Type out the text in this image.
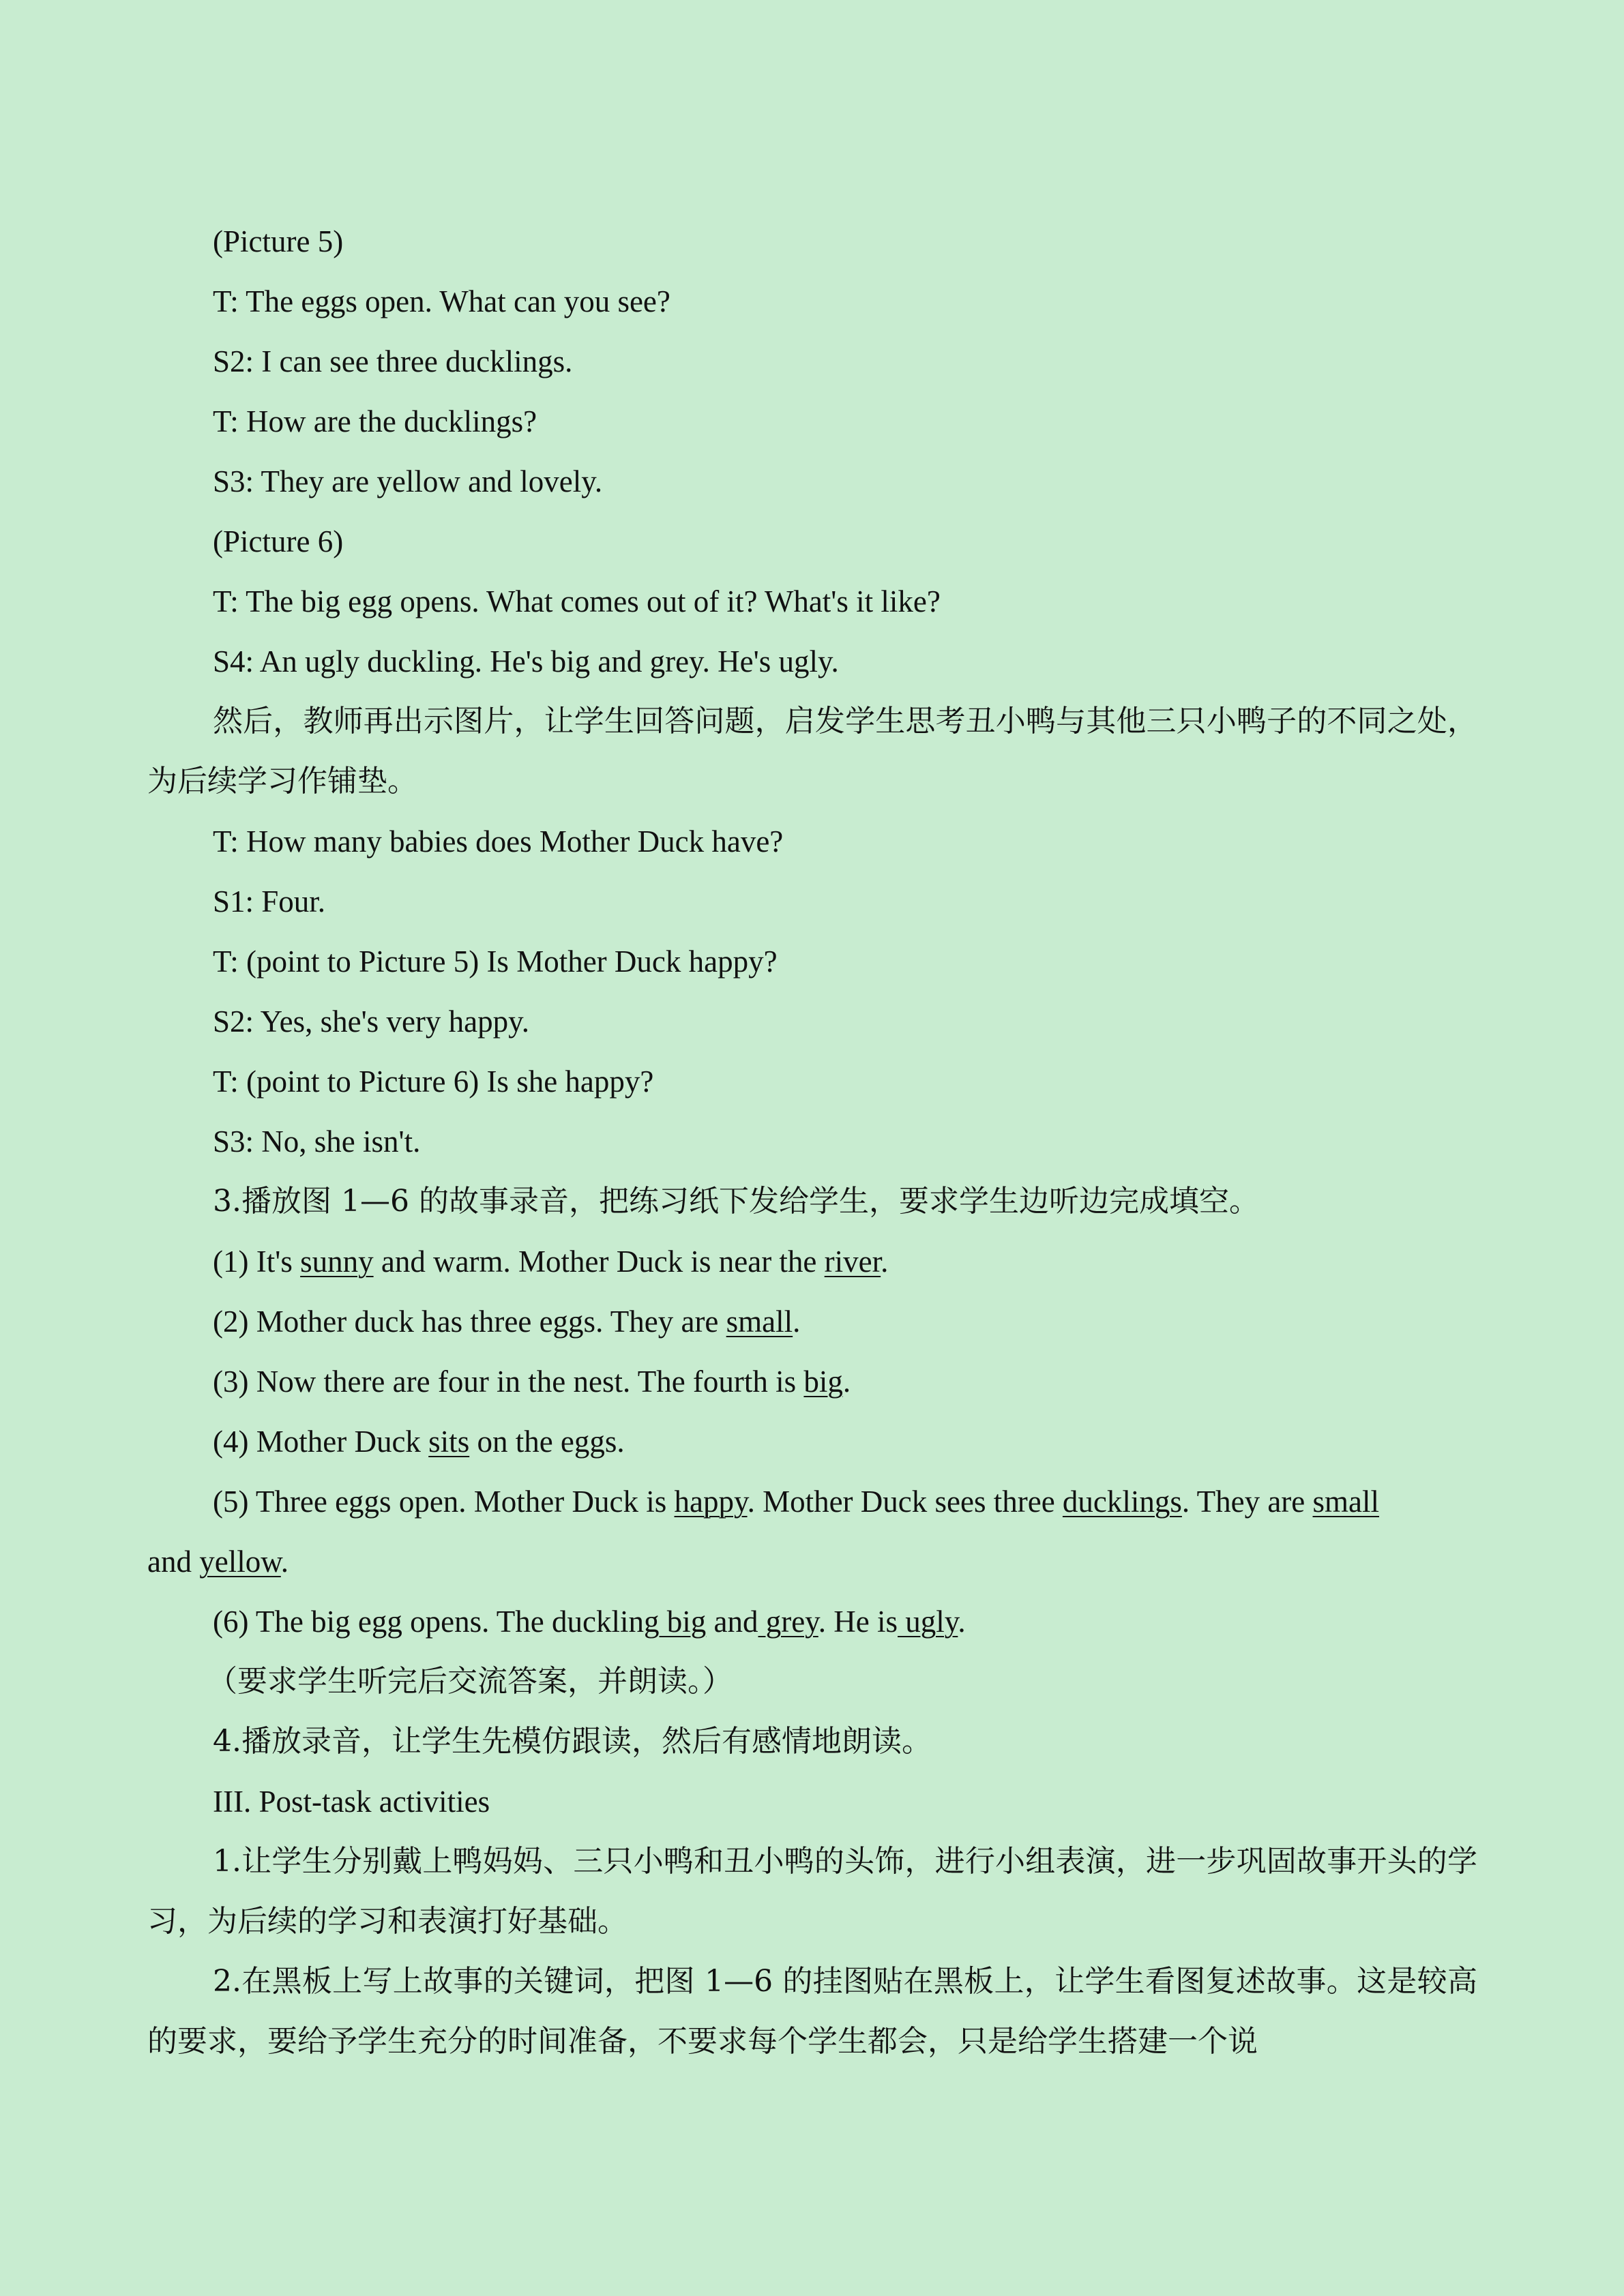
(Picture 5)
T: The eggs open. What can you see?
S2: I can see three ducklings.
T: How are the ducklings?
S3: They are yellow and lovely.
(Picture 6)
T: The big egg opens. What comes out of it? What's it like?
S4: An ugly duckling. He's big and grey. He's ugly.
然后，教师再出示图片，让学生回答问题，启发学生思考丑小鸭与其他三只小鸭子的不同之处，为后续学习作铺垫。
T: How many babies does Mother Duck have?
S1: Four.
T: (point to Picture 5) Is Mother Duck happy?
S2: Yes, she's very happy.
T: (point to Picture 6) Is she happy?
S3: No, she isn't.
3.播放图 1—6 的故事录音，把练习纸下发给学生，要求学生边听边完成填空。
(1) It's sunny and warm. Mother Duck is near the river.
(2) Mother duck has three eggs. They are small.
(3) Now there are four in the nest. The fourth is big.
(4) Mother Duck sits on the eggs.
(5) Three eggs open. Mother Duck is happy. Mother Duck sees three ducklings. They are small
and yellow.
(6) The big egg opens. The duckling big and grey. He is ugly.
（要求学生听完后交流答案，并朗读。）
4.播放录音，让学生先模仿跟读，然后有感情地朗读。
III. Post-task activities
1.让学生分别戴上鸭妈妈、三只小鸭和丑小鸭的头饰，进行小组表演，进一步巩固故事开头的学习，为后续的学习和表演打好基础。
2.在黑板上写上故事的关键词，把图 1—6 的挂图贴在黑板上，让学生看图复述故事。这是较高的要求，要给予学生充分的时间准备，不要求每个学生都会，只是给学生搭建一个说
